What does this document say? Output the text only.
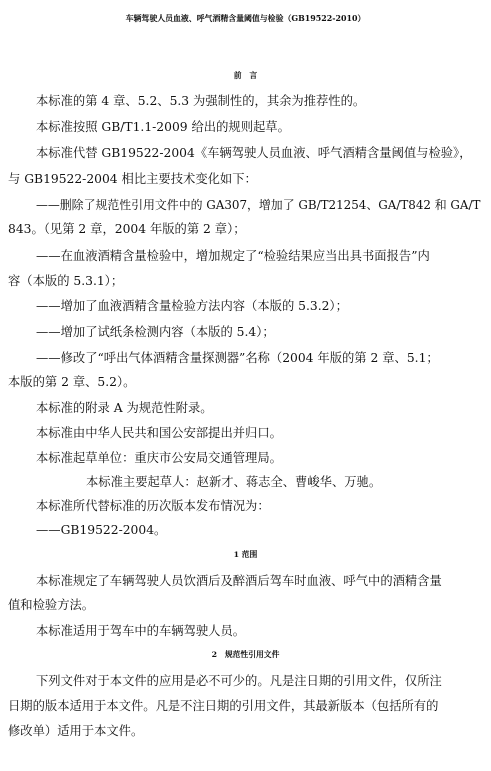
车辆驾驶人员血液、呼气酒精含量阈值与检验（GB19522-2010）
前　言
本标准的第 4 章、5.2、5.3 为强制性的，其余为推荐性的。
本标准按照 GB/T1.1-2009 给出的规则起草。
本标准代替 GB19522-2004《车辆驾驶人员血液、呼气酒精含量阈值与检验》，
与 GB19522-2004 相比主要技术变化如下：
——删除了规范性引用文件中的 GA307，增加了 GB/T21254、GA/T842 和 GA/T
843。（见第 2 章，2004 年版的第 2 章）；
——在血液酒精含量检验中，增加规定了“检验结果应当出具书面报告”内
容（本版的 5.3.1）；
——增加了血液酒精含量检验方法内容（本版的 5.3.2）；
——增加了试纸条检测内容（本版的 5.4）；
——修改了“呼出气体酒精含量探测器”名称（2004 年版的第 2 章、5.1；
本版的第 2 章、5.2）。
本标准的附录 A 为规范性附录。
本标准由中华人民共和国公安部提出并归口。
本标准起草单位：重庆市公安局交通管理局。
本标准主要起草人：赵新才、蒋志全、曹峻华、万驰。
本标准所代替标准的历次版本发布情况为：
——GB19522-2004。
1 范围
本标准规定了车辆驾驶人员饮酒后及醉酒后驾车时血液、呼气中的酒精含量
值和检验方法。
本标准适用于驾车中的车辆驾驶人员。
2　规范性引用文件
下列文件对于本文件的应用是必不可少的。凡是注日期的引用文件，仅所注
日期的版本适用于本文件。凡是不注日期的引用文件，其最新版本（包括所有的
修改单）适用于本文件。
